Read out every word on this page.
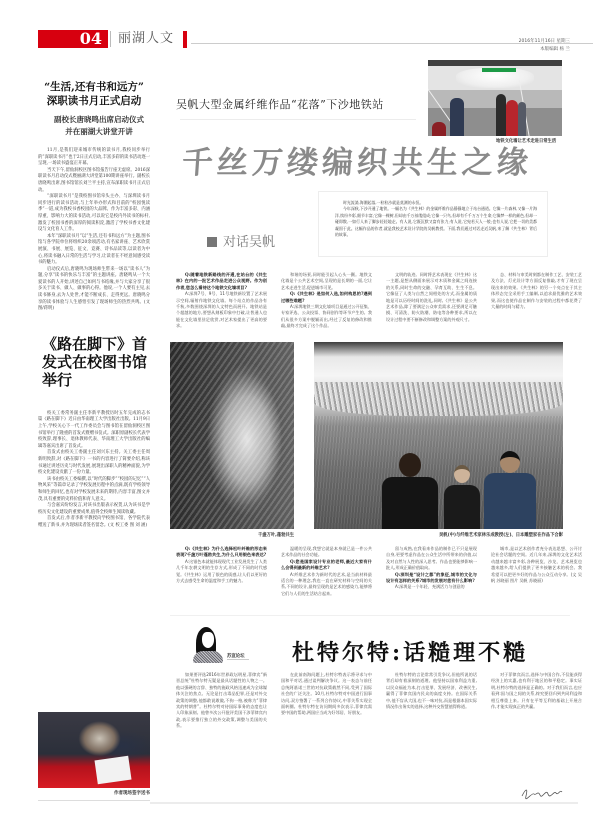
04 丽湖人文	2016年11月16日 星期三
本版编辑 杨 兰
“生活,还有书和远方” 深职读书月正式启动
副校长唐晓鸣出席启动仪式
并在丽湖大讲堂开讲

11月,是我们迎来城市传统的读书月,我校同步举行的“深职读书月”也于2日正式启动,丰富多彩的读书活动逐一呈现,一场读书盛宴正开幕。

当天下午,留仙洞校区图书馆报告厅座无虚席。2016深职读书月启动仪式暨丽湖大讲堂第100期讲座举行。副校长唐晓鸣出席,图书馆馆长刘兰平主持,宣布深职读书月正式启动。

“深职读书月”是我校图书馆牵头主办、与深圳读书月同步进行的读书活动,与上年举办形式和目前的“校园悦读季”一道,成为我校书香校园的大品牌。作为丰富多彩、内涵厚重、影响力大的读书活动,可以说它是校内外读书的标杆,激发了校园书香的深厚的阅读积淀,激活了学校书香文化建设与文化育人工作。

本年“深职读书月”以“生活,还有书和远方”为主题,图书馆与各学院单位将组织20余项活动,有名家讲座、艺术欣赏展演、书展、展览、征文、竞赛、诗书品读等,以读者为中心,将读书融入日常的生活与学习,让读者在不经意间感受读书的魅力。

启动仪式后,唐晓鸣为现场师生带来一场以“读书人”为题,分享“读书的快乐与丰富”的主题讲座。唐晓鸣从一个大爱读书的人开始,讲述自己如何与书结缘,并与大家分享了很多关于读书、做人、做事的心得。他说,一个人要有主见,去读书修身,去为人处世,才能不断成长、走得更远。唐晓鸣分享的读书体验与人生感悟引发了现场师生的热烈共鸣。(文 图/蒋明)

《路在脚下》首发式在校图书馆举行

校关工委常务副主任李新平教授历时五年完成的志书篇《路在脚下》近日由华南理工大学出版社出版。11月9日上午,学校关心下一代工作委员会与图书馆在留仙洞校区图书馆举行了隆重的首发式暨赠书仪式。深职原副校长代表学校致辞,理事长、退休教师代表、华南理工大学出版社的编辑等嘉宾出席了首发式。

首发式由校关工委副主任刘兴东主持。关工委主任周新明致辞,对《路在脚下》一书的内容进行了简要介绍,称该书通过讲述历史与时代发展,展现出深职人的精神面貌,为学校文化建设贡献了一份力量。

该书由校关工委编撰,以“时代的脚步”“校园的记忆”“人物风采”等篇章记录了学校发展历程中的点滴,既有学校领导和师生的回忆,也有对学校发展未来的期待,内容丰富,图文并茂,具有重要的史料价值和育人意义。

与会嘉宾纷纷发言,对该书出版表示祝贺,认为该书是学校历史文化建设的重要成果,值得全校师生阅读收藏。

首发式后,作者李新平教授向学校图书馆、各学院代表赠送了新书,并为现场读者签名留念。(文 校工委 图 刘 涵)

作者现场签字送书
吴帆大型金属纤维作品“花落”下沙地铁站
地铁文化墙让艺术走进日常生活
千丝万缕编织共生之缘
对话吴帆

时光流淌,海潮起落,一粒粒沙就是莫测的永恒。

今年深秋,下沙开通了地铁。一幅名为《共生林》的金属纤维作品静静地立于站台通道。它像一片森林,又像一片海洋,缤纷多彩,细节丰富;它像一棵树,但却由千万丝缕组成;它像一只鸟,但却有千千万万个生命;它像梦一样的颜色,但却一碰即散,一如行人来了脚步轻轻地走。有人说,它既沉默又富有张力;有人说,它宛若天人一般;也有人说,它把一切的美都凝固于此。这幅作品的作者,就是我校艺术设计学院的吴帆教授。下面,我们通过对话走近吴帆,来了解《共生林》背后的故事。

Q:随着地铁新路线的开通,在站台的《共生林》在内的一批艺术作品走进公众视野。作为创作者,您怎么看待这个地铁文化墙项目?

A:深圳7号、9号、11号地铁新设置了艺术展示空间,辐射作地铁文化墙。每个站点的作品各有千秋,多数围绕深圳的人文特色而展开。地铁站是个超越的地方,要想从刻板印象中打破,让普通人也能在文化墙里驻足欣赏,对艺术家提出了更高的要求。

和谐的场景,同时能引起人心头一颤。地铁文化墙是个公共艺术空间,呈现的是长期的一面,它让艺术走进生活,促进城市可见。

Q:《共生林》是如何入选,如何构思的?遇到过哪些难题?

A:深圳地铁三期文化墙项目是通过公开征集、专家评选、公众投票、协同创作等环节产生的。我们从很多方案中脱颖而出,经过了反复的修改和推敲,最终才完成了这个作品。

文明的轨迹。同时将艺术表现在《共生林》这一主题,是想从侧面来展示对木质和金属之间连接的关系,同时生命的交融、孕育互助、生生不息。它像征了人类与自然之间相处的方式,而金属的质地是可以历经时间的洗礼,同时,《共生林》是公共艺术作品,除了要满足公众审美需求,还要满足可触摸、可清洗、防火防潮、防电等各种要求,所以在设计过程中要不断修改和调整方案的外观尺寸。

态、材料与审美时刻都在制作工艺、安装工艺及方法、灯光设计等方面反复推敲,才有了现在呈现出来的效果。《共生林》的另一个亮点在于其主体形态完全采用手工编制,以追求最优雅的艺术效果,而这也使作品在制作与安装的过程中都花费了大量的时间与精力。

千盏万叶,蓬勃共生	吴帆(中)与纤维艺术家林乐成教授(左)、日本雕塑家在作品下合影

Q:《共生林》为什么选择松叶纤维的形态来表现?千盏万叶蓬勃共生,为什么只用银色来表达?

A:这银色本就能体现现代工业发展发生了人类几千年农耕文明的生存方式,形成了不同的时代感觉。《共生林》运用了银色的质感,让人们以更好的方式去感受生命的温度和手工的魅力。

温暖的呈现,我想它就是本身就已是一件公共艺术作品的社会功能。

Q:您是国家设计专业的老师,最近大家有什么会得到最新的纤维艺术?

A:纤维艺术作为新时代的艺术,是当前材料最适合的一种理念,我也一直在研究材料与空间的关系,不同的设计,最终呈现的是艺术的感染力,能够将它们与人们的生活结合起来。

留与成熟,在我看来作品的制作已不只是展现自身,更要考虑作品在公众生活中所带来的价值,以及对自然与人性的深入思考。作品也要能够影响一批人,形成正确价值取向。

Q:深圳是“设计之都”的象征,城市的文化与设计有怎样的关系?城市的发展对您有什么影响?

A:深圳是一个年轻、充满活力与创意的

城市,是以艺术创作者充分表达思想、公开讨论社会话题的空间。近几年来,深圳的文化艺术活动越来越丰富多彩,各种展览、沙龙、艺术展览也越来越多,给人们提供了更多接触艺术的机会。我希望可以把更多好的作品与公众互动分享。(文 吴帆 苏晓丽 图片 吴帆 苏晓丽)

苏宣论坛 杜特尔特:话糙理不糙

如果要评选2016年世界政坛明星,菲律宾“新晋总统”杜特尔特无疑是最具话题性的人物之一。他以强硬的言辞、独特的施政风格迅速成为全球媒体关注的焦点。无论是打击毒品犯罪,还是对外交政策的调整,他都敢说敢做,不拘一格,被称为“菲律宾的特朗普”。杜特尔特对待国际事务的态度也让人印象深刻。他曾多次公开批评美国干涉菲律宾内政,表示要推行独立的外交政策,调整与美国的关系。

在此前南海问题上,杜特尔特表示将寻求与中国和平对话,通过谈判解决争议。这一表态与前任总统阿基诺三世的对抗政策截然不同,受到了国际社会的广泛关注。10月,杜特尔特对中国进行国事访问,双方签署了一系列合作协议,中菲关系实现全面转圜。杜特尔特在访问期间多次表示,菲律宾需要中国的帮助,两国应当成为好邻居、好朋友。

杜特尔特的言论常常引发争议,但他所说的话背后却有着深刻的道理。他坚持以国家利益为重,以民众福祉为本,打击犯罪、发展经济、改善民生,赢得了菲律宾国内民众的高度支持。在国际关系中,他不盲从大国,也不一味对抗,而是根据本国实际情况作出务实的选择,这种外交智慧值得称道。

对于菲律宾而言,选择与中国合作,不仅能获得经济上的实惠,也有利于地区的和平稳定。事实证明,杜特尔特的选择是正确的。对于我们而言,也应看到:国与国之间的关系,终究要回归到共同利益和相互尊重上来。只有在平等互利的基础上开展合作,才能实现真正的共赢。
